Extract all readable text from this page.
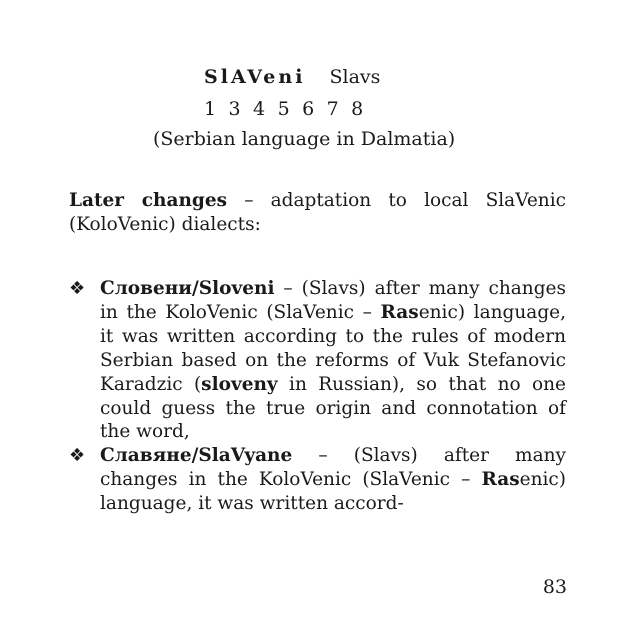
SlAVeni Slavs
1 3 4 5 6 7 8
(Serbian language in Dalmatia)
Later changes – adaptation to local SlaVenic (KoloVenic) dialects:
❖ Словени/Sloveni – (Slavs) after many changes in the KoloVenic (SlaVenic – Rasenic) language, it was written according to the rules of modern Serbian based on the reforms of Vuk Stefanovic Karadzic (sloveny in Russian), so that no one could guess the true origin and connotation of the word,
❖ Славяне/SlaVyane – (Slavs) after many changes in the KoloVenic (SlaVenic – Rasenic) language, it was written accord-
83
